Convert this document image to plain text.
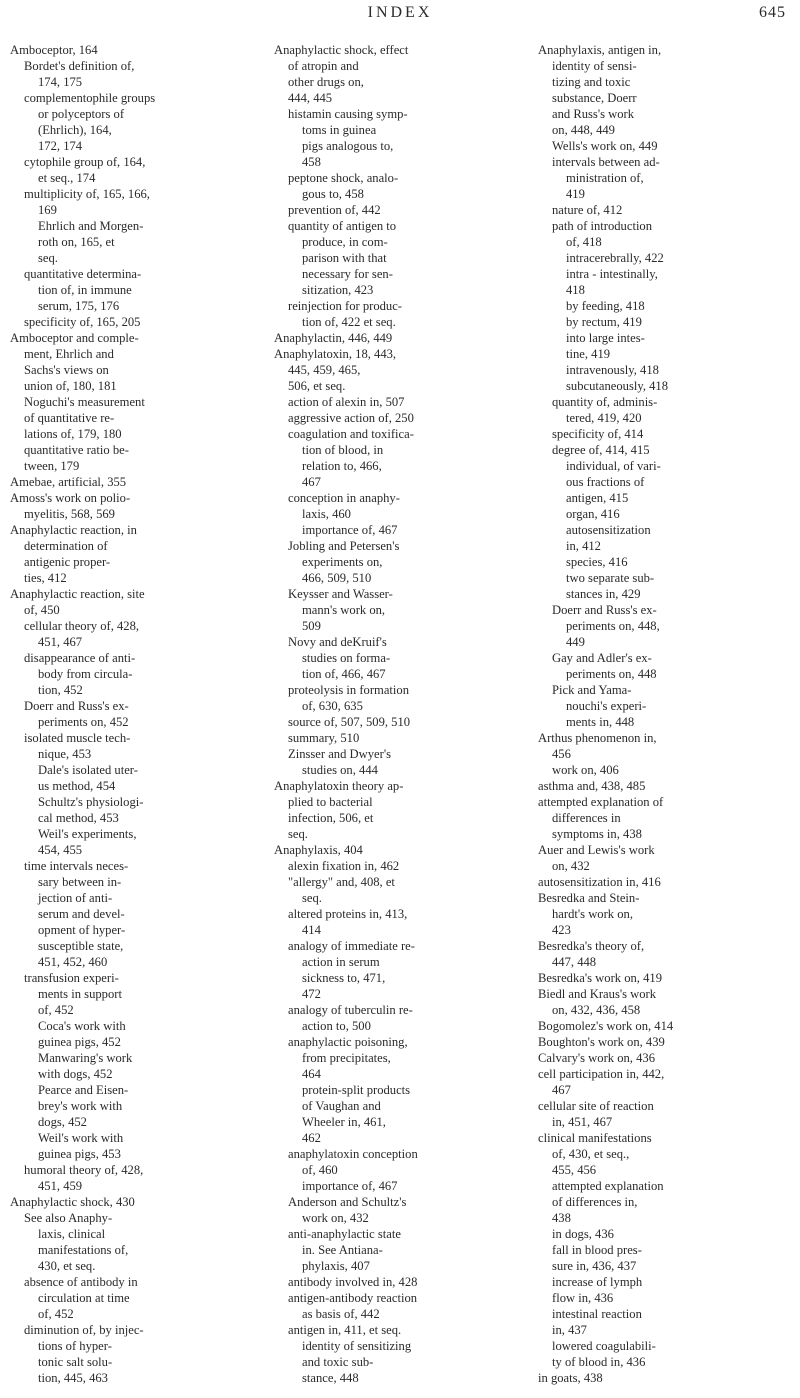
INDEX	645

Amboceptor, 164

Bordet's definition of,

174, 175

complementophile groups

or polyceptors of

(Ehrlich), 164,

172, 174

cytophile group of, 164,

et seq., 174

multiplicity of, 165, 166,

169

Ehrlich and Morgen-

roth on, 165, et

seq.

quantitative determina-

tion of, in immune

serum, 175, 176

specificity of, 165, 205

Amboceptor and comple-

ment, Ehrlich and

Sachs's views on

union of, 180, 181

Noguchi's measurement

of quantitative re-

lations of, 179, 180

quantitative ratio be-

tween, 179

Amebae, artificial, 355

Amoss's work on polio-

myelitis, 568, 569

Anaphylactic reaction, in

determination of

antigenic proper-

ties, 412

Anaphylactic reaction, site

of, 450

cellular theory of, 428,

451, 467

disappearance of anti-

body from circula-

tion, 452

Doerr and Russ's ex-

periments on, 452

isolated muscle tech-

nique, 453

Dale's isolated uter-

us method, 454

Schultz's physiologi-

cal method, 453

Weil's experiments,

454, 455

time intervals neces-

sary between in-

jection of anti-

serum and devel-

opment of hyper-

susceptible state,

451, 452, 460

transfusion experi-

ments in support

of, 452

Coca's work with

guinea pigs, 452

Manwaring's work

with dogs, 452

Pearce and Eisen-

brey's work with

dogs, 452

Weil's work with

guinea pigs, 453

humoral theory of, 428,

451, 459

Anaphylactic shock, 430

See also Anaphy-

laxis, clinical

manifestations of,

430, et seq.

absence of antibody in

circulation at time

of, 452

diminution of, by injec-

tions of hyper-

tonic salt solu-

tion, 445, 463

Anaphylactic shock, effect

of atropin and

other drugs on,

444, 445

histamin causing symp-

toms in guinea

pigs analogous to,

458

peptone shock, analo-

gous to, 458

prevention of, 442

quantity of antigen to

produce, in com-

parison with that

necessary for sen-

sitization, 423

reinjection for produc-

tion of, 422 et seq.

Anaphylactin, 446, 449

Anaphylatoxin, 18, 443,

445, 459, 465,

506, et seq.

action of alexin in, 507

aggressive action of, 250

coagulation and toxifica-

tion of blood, in

relation to, 466,

467

conception in anaphy-

laxis, 460

importance of, 467

Jobling and Petersen's

experiments on,

466, 509, 510

Keysser and Wasser-

mann's work on,

509

Novy and deKruif's

studies on forma-

tion of, 466, 467

proteolysis in formation

of, 630, 635

source of, 507, 509, 510

summary, 510

Zinsser and Dwyer's

studies on, 444

Anaphylatoxin theory ap-

plied to bacterial

infection, 506, et

seq.

Anaphylaxis, 404

alexin fixation in, 462

"allergy" and, 408, et

seq.

altered proteins in, 413,

414

analogy of immediate re-

action in serum

sickness to, 471,

472

analogy of tuberculin re-

action to, 500

anaphylactic poisoning,

from precipitates,

464

protein-split products

of Vaughan and

Wheeler in, 461,

462

anaphylatoxin conception

of, 460

importance of, 467

Anderson and Schultz's

work on, 432

anti-anaphylactic state

in. See Antiana-

phylaxis, 407

antibody involved in, 428

antigen-antibody reaction

as basis of, 442

antigen in, 411, et seq.

identity of sensitizing

and toxic sub-

stance, 448

Anaphylaxis, antigen in,

identity of sensi-

tizing and toxic

substance, Doerr

and Russ's work

on, 448, 449

Wells's work on, 449

intervals between ad-

ministration of,

419

nature of, 412

path of introduction

of, 418

intracerebrally, 422

intra - intestinally,

418

by feeding, 418

by rectum, 419

into large intes-

tine, 419

intravenously, 418

subcutaneously, 418

quantity of, adminis-

tered, 419, 420

specificity of, 414

degree of, 414, 415

individual, of vari-

ous fractions of

antigen, 415

organ, 416

autosensitization

in, 412

species, 416

two separate sub-

stances in, 429

Doerr and Russ's ex-

periments on, 448,

449

Gay and Adler's ex-

periments on, 448

Pick and Yama-

nouchi's experi-

ments in, 448

Arthus phenomenon in,

456

work on, 406

asthma and, 438, 485

attempted explanation of

differences in

symptoms in, 438

Auer and Lewis's work

on, 432

autosensitization in, 416

Besredka and Stein-

hardt's work on,

423

Besredka's theory of,

447, 448

Besredka's work on, 419

Biedl and Kraus's work

on, 432, 436, 458

Bogomolez's work on, 414

Boughton's work on, 439

Calvary's work on, 436

cell participation in, 442,

467

cellular site of reaction

in, 451, 467

clinical manifestations

of, 430, et seq.,

455, 456

attempted explanation

of differences in,

438

in dogs, 436

fall in blood pres-

sure in, 436, 437

increase of lymph

flow in, 436

intestinal reaction

in, 437

lowered coagulabili-

ty of blood in, 436

in goats, 438
